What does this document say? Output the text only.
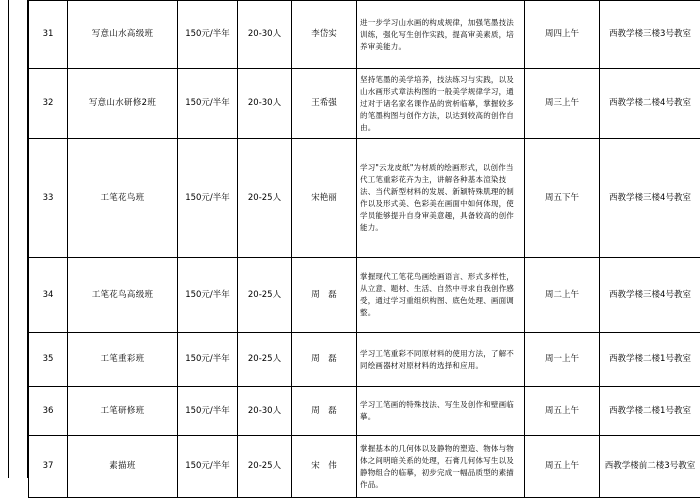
31	写意山水高级班	150元/半年	20-30人	李岱实	进一步学习山水画的构成规律，加强笔墨技法训练，强化写生创作实践，提高审美素质，培养审美能力。	周四上午	西教学楼三楼3号教室
32	写意山水研修2班	150元/半年	20-30人	王希强	坚持笔墨的美学培养，技法练习与实践，以及山水画形式章法构图的一般美学规律学习，通过对于诸名家名课作品的赏析临摹，掌握较多的笔墨构图与创作方法，以达到较高的创作自由。	周三上午	西教学楼二楼4号教室
33	工笔花鸟班	150元/半年	20-25人	宋艳丽	学习"云龙皮纸"为材质的绘画形式，以创作当代工笔重彩花卉为主，讲解各种基本渲染技法、当代新型材料的发展、新颖特殊肌理的制作以及形式美、色彩美在画面中如何体现，使学员能够提升自身审美意趣，具备较高的创作能力。	周五下午	西教学楼三楼4号教室
34	工笔花鸟高级班	150元/半年	20-25人	周　磊	掌握现代工笔花鸟画绘画语言、形式多样性，从立意、题材、生活、自然中寻求自我创作感受，通过学习重组织构图、底色处理、画面调整。	周二上午	西教学楼三楼4号教室
35	工笔重彩班	150元/半年	20-25人	周　磊	学习工笔重彩不同原材料的使用方法，了解不同绘画器材对原材料的选择和应用。	周一上午	西教学楼二楼1号教室
36	工笔研修班	150元/半年	20-30人	周　磊	学习工笔画的特殊技法、写生及创作和壁画临摹。	周五上午	西教学楼二楼1号教室
37	素描班	150元/半年	20-25人	宋　伟	掌握基本的几何体以及静物的塑造、物体与物体之间明暗关系的处理，石膏几何体写生以及静物组合的临摹，初步完成一幅品质型的素描作品。	周五上午	西教学楼前二楼3号教室
